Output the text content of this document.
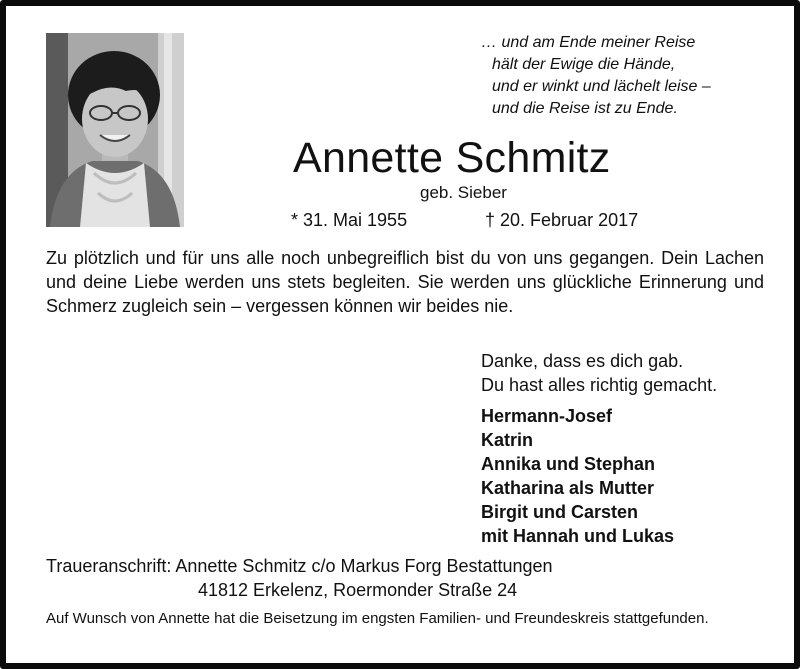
… und am Ende meiner Reise
hält der Ewige die Hände,
und er winkt und lächelt leise –
und die Reise ist zu Ende.
Annette Schmitz
geb. Sieber
* 31. Mai 1955	† 20. Februar 2017
Zu plötzlich und für uns alle noch unbegreiflich bist du von uns gegangen. Dein Lachen und deine Liebe werden uns stets begleiten. Sie werden uns glückliche Erinnerung und Schmerz zugleich sein – vergessen können wir beides nie.
Danke, dass es dich gab.
Du hast alles richtig gemacht.
Hermann-Josef
Katrin
Annika und Stephan
Katharina als Mutter
Birgit und Carsten
mit Hannah und Lukas
Traueranschrift: Annette Schmitz c/o Markus Forg Bestattungen
41812 Erkelenz, Roermonder Straße 24
Auf Wunsch von Annette hat die Beisetzung im engsten Familien- und Freundeskreis stattgefunden.
